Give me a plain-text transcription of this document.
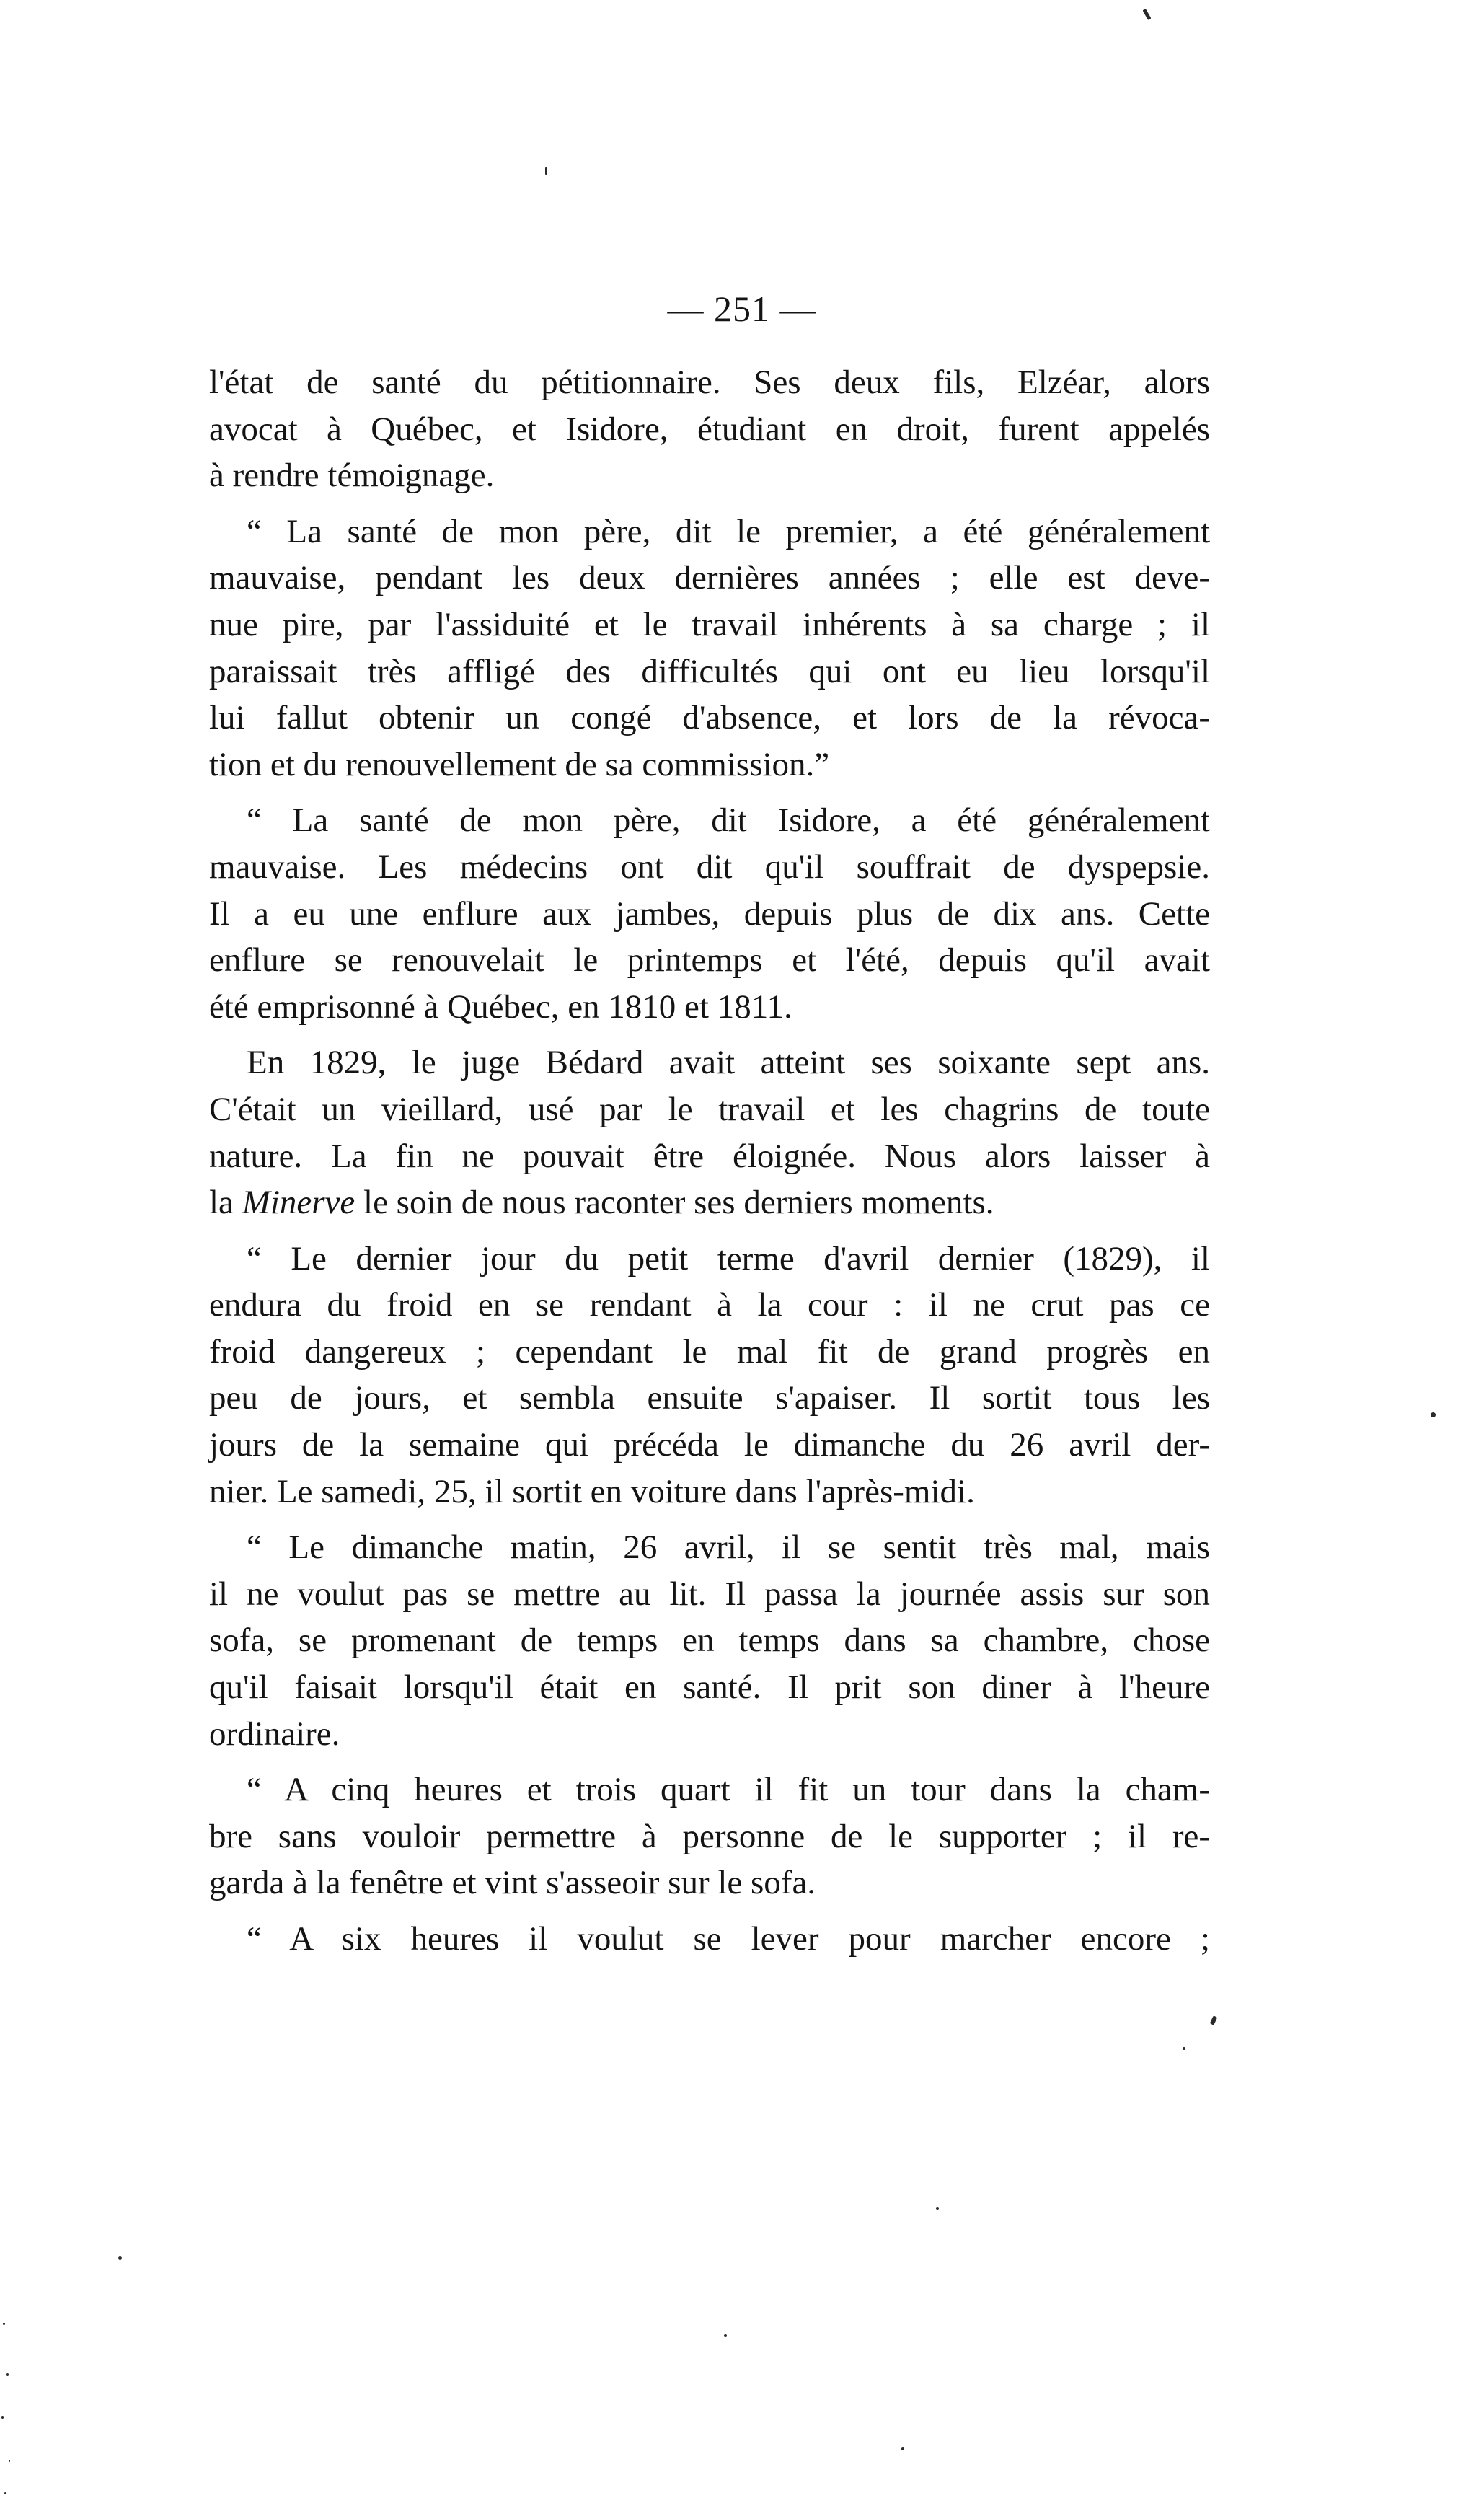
— 251 —
l'état de santé du pétitionnaire. Ses deux fils, Elzéar, alors
avocat à Québec, et Isidore, étudiant en droit, furent appelés
à rendre témoignage.
“ La santé de mon père, dit le premier, a été généralement
mauvaise, pendant les deux dernières années ; elle est deve-
nue pire, par l'assiduité et le travail inhérents à sa charge ; il
paraissait très affligé des difficultés qui ont eu lieu lorsqu'il
lui fallut obtenir un congé d'absence, et lors de la révoca-
tion et du renouvellement de sa commission.”
“ La santé de mon père, dit Isidore, a été généralement
mauvaise. Les médecins ont dit qu'il souffrait de dyspepsie.
Il a eu une enflure aux jambes, depuis plus de dix ans. Cette
enflure se renouvelait le printemps et l'été, depuis qu'il avait
été emprisonné à Québec, en 1810 et 1811.
En 1829, le juge Bédard avait atteint ses soixante sept ans.
C'était un vieillard, usé par le travail et les chagrins de toute
nature. La fin ne pouvait être éloignée. Nous alors laisser à
la Minerve le soin de nous raconter ses derniers moments.
“ Le dernier jour du petit terme d'avril dernier (1829), il
endura du froid en se rendant à la cour : il ne crut pas ce
froid dangereux ; cependant le mal fit de grand progrès en
peu de jours, et sembla ensuite s'apaiser. Il sortit tous les
jours de la semaine qui précéda le dimanche du 26 avril der-
nier. Le samedi, 25, il sortit en voiture dans l'après-midi.
“ Le dimanche matin, 26 avril, il se sentit très mal, mais
il ne voulut pas se mettre au lit. Il passa la journée assis sur son
sofa, se promenant de temps en temps dans sa chambre, chose
qu'il faisait lorsqu'il était en santé. Il prit son diner à l'heure
ordinaire.
“ A cinq heures et trois quart il fit un tour dans la cham-
bre sans vouloir permettre à personne de le supporter ; il re-
garda à la fenêtre et vint s'asseoir sur le sofa.
“ A six heures il voulut se lever pour marcher encore ;
